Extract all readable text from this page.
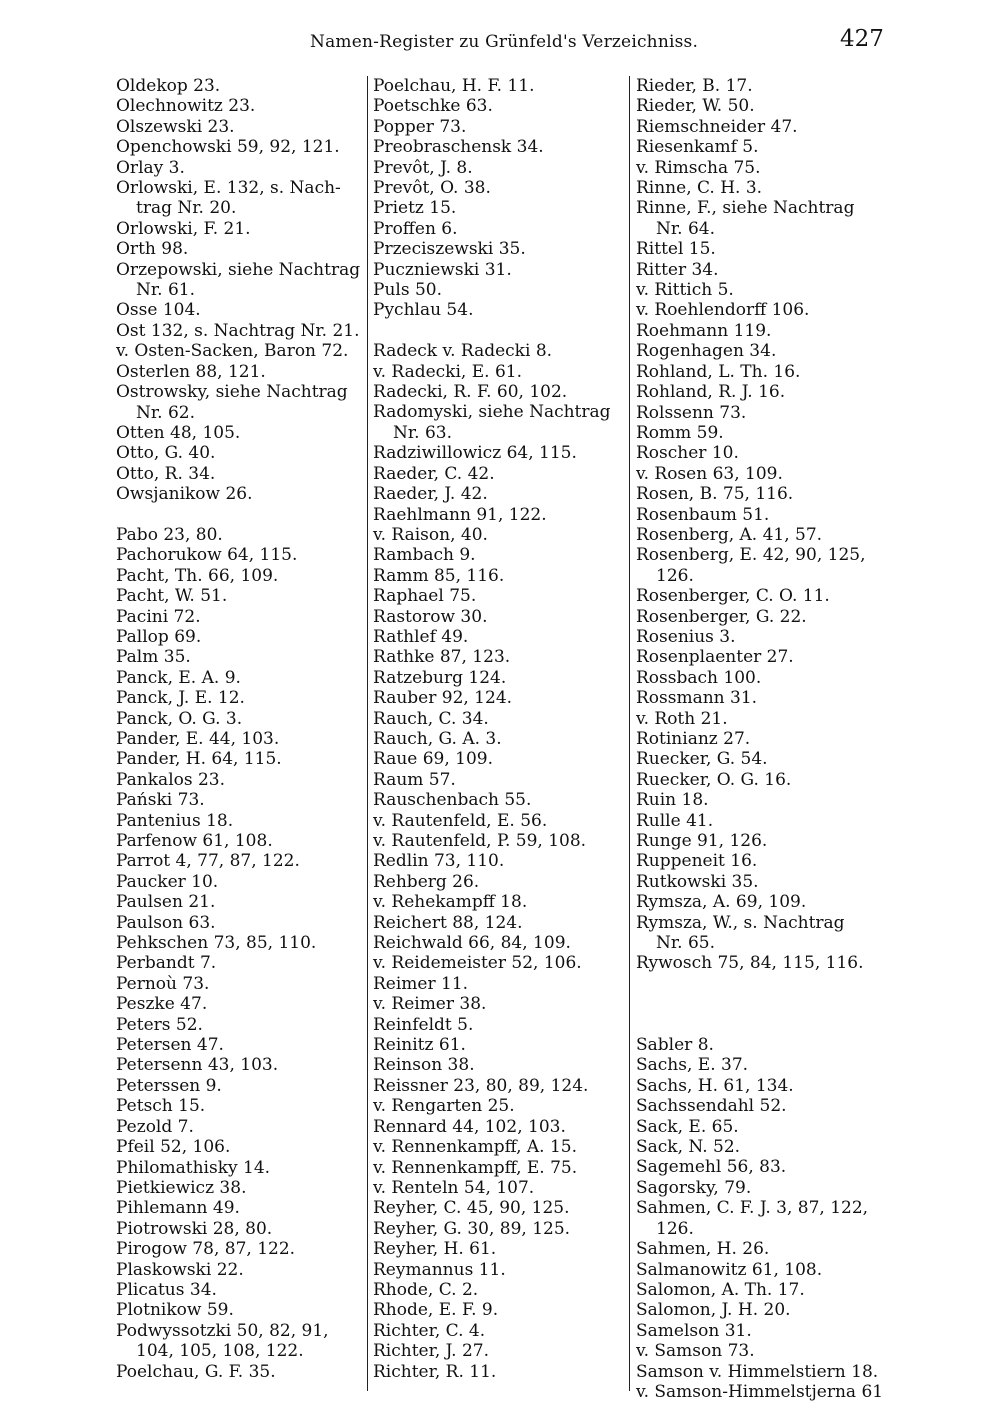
Namen-Register zu Grünfeld's Verzeichniss.	427
Oldekop 23.
Olechnowitz 23.
Olszewski 23.
Openchowski 59, 92, 121.
Orlay 3.
Orlowski, E. 132, s. Nach-
trag Nr. 20.
Orlowski, F. 21.
Orth 98.
Orzepowski, siehe Nachtrag
Nr. 61.
Osse 104.
Ost 132, s. Nachtrag Nr. 21.
v. Osten-Sacken, Baron 72.
Osterlen 88, 121.
Ostrowsky, siehe Nachtrag
Nr. 62.
Otten 48, 105.
Otto, G. 40.
Otto, R. 34.
Owsjanikow 26.
Pabo 23, 80.
Pachorukow 64, 115.
Pacht, Th. 66, 109.
Pacht, W. 51.
Pacini 72.
Pallop 69.
Palm 35.
Panck, E. A. 9.
Panck, J. E. 12.
Panck, O. G. 3.
Pander, E. 44, 103.
Pander, H. 64, 115.
Pankalos 23.
Pański 73.
Pantenius 18.
Parfenow 61, 108.
Parrot 4, 77, 87, 122.
Paucker 10.
Paulsen 21.
Paulson 63.
Pehkschen 73, 85, 110.
Perbandt 7.
Pernoù 73.
Peszke 47.
Peters 52.
Petersen 47.
Petersenn 43, 103.
Peterssen 9.
Petsch 15.
Pezold 7.
Pfeil 52, 106.
Philomathisky 14.
Pietkiewicz 38.
Pihlemann 49.
Piotrowski 28, 80.
Pirogow 78, 87, 122.
Plaskowski 22.
Plicatus 34.
Plotnikow 59.
Podwyssotzki 50, 82, 91,
104, 105, 108, 122.
Poelchau, G. F. 35.
Poelchau, H. F. 11.
Poetschke 63.
Popper 73.
Preobraschensk 34.
Prevôt, J. 8.
Prevôt, O. 38.
Prietz 15.
Proffen 6.
Przeciszewski 35.
Puczniewski 31.
Puls 50.
Pychlau 54.
Radeck v. Radecki 8.
v. Radecki, E. 61.
Radecki, R. F. 60, 102.
Radomyski, siehe Nachtrag
Nr. 63.
Radziwillowicz 64, 115.
Raeder, C. 42.
Raeder, J. 42.
Raehlmann 91, 122.
v. Raison, 40.
Rambach 9.
Ramm 85, 116.
Raphael 75.
Rastorow 30.
Rathlef 49.
Rathke 87, 123.
Ratzeburg 124.
Rauber 92, 124.
Rauch, C. 34.
Rauch, G. A. 3.
Raue 69, 109.
Raum 57.
Rauschenbach 55.
v. Rautenfeld, E. 56.
v. Rautenfeld, P. 59, 108.
Redlin 73, 110.
Rehberg 26.
v. Rehekampff 18.
Reichert 88, 124.
Reichwald 66, 84, 109.
v. Reidemeister 52, 106.
Reimer 11.
v. Reimer 38.
Reinfeldt 5.
Reinitz 61.
Reinson 38.
Reissner 23, 80, 89, 124.
v. Rengarten 25.
Rennard 44, 102, 103.
v. Rennenkampff, A. 15.
v. Rennenkampff, E. 75.
v. Renteln 54, 107.
Reyher, C. 45, 90, 125.
Reyher, G. 30, 89, 125.
Reyher, H. 61.
Reymannus 11.
Rhode, C. 2.
Rhode, E. F. 9.
Richter, C. 4.
Richter, J. 27.
Richter, R. 11.
Rieder, B. 17.
Rieder, W. 50.
Riemschneider 47.
Riesenkamf 5.
v. Rimscha 75.
Rinne, C. H. 3.
Rinne, F., siehe Nachtrag
Nr. 64.
Rittel 15.
Ritter 34.
v. Rittich 5.
v. Roehlendorff 106.
Roehmann 119.
Rogenhagen 34.
Rohland, L. Th. 16.
Rohland, R. J. 16.
Rolssenn 73.
Romm 59.
Roscher 10.
v. Rosen 63, 109.
Rosen, B. 75, 116.
Rosenbaum 51.
Rosenberg, A. 41, 57.
Rosenberg, E. 42, 90, 125,
126.
Rosenberger, C. O. 11.
Rosenberger, G. 22.
Rosenius 3.
Rosenplaenter 27.
Rossbach 100.
Rossmann 31.
v. Roth 21.
Rotinianz 27.
Ruecker, G. 54.
Ruecker, O. G. 16.
Ruin 18.
Rulle 41.
Runge 91, 126.
Ruppeneit 16.
Rutkowski 35.
Rymsza, A. 69, 109.
Rymsza, W., s. Nachtrag
Nr. 65.
Rywosch 75, 84, 115, 116.
Sabler 8.
Sachs, E. 37.
Sachs, H. 61, 134.
Sachssendahl 52.
Sack, E. 65.
Sack, N. 52.
Sagemehl 56, 83.
Sagorsky, 79.
Sahmen, C. F. J. 3, 87, 122,
126.
Sahmen, H. 26.
Salmanowitz 61, 108.
Salomon, A. Th. 17.
Salomon, J. H. 20.
Samelson 31.
v. Samson 73.
Samson v. Himmelstiern 18.
v. Samson-Himmelstjerna 61
